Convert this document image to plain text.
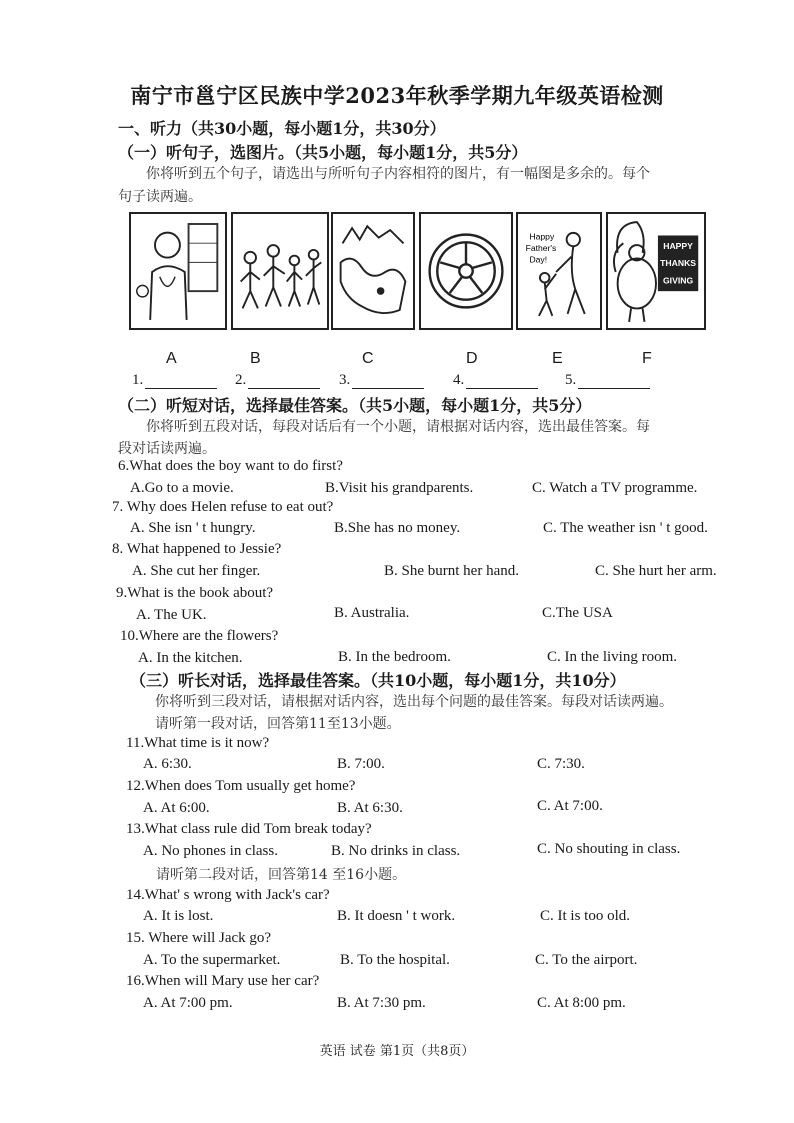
南宁市邕宁区民族中学2023年秋季学期九年级英语检测
一、听力（共30小题，每小题1分，共30分）
（一）听句子，选图片。（共5小题，每小题1分，共5分）
你将听到五个句子，请选出与所听句子内容相符的图片，有一幅图是多余的。每个
句子读两遍。
Happy
Father's
Day!
HAPPY
THANKS
GIVING
A	B	C	D	E	F
1.	2.	3.	4.	5.
（二）听短对话，选择最佳答案。（共5小题，每小题1分，共5分）
你将听到五段对话，每段对话后有一个小题，请根据对话内容，选出最佳答案。每
段对话读两遍。
6.What does the boy want to do first?
A.Go to a movie.	B.Visit his grandparents.	C. Watch a TV programme.
7. Why does Helen refuse to eat out?
A. She isn ' t hungry.	B.She has no money.	C. The weather isn ' t good.
8. What happened to Jessie?
A. She cut her finger.	B. She burnt her hand.	C. She hurt her arm.
9.What is the book about?
A. The UK.	B. Australia.	C.The USA
10.Where are the flowers?
A. In the kitchen.	B. In the bedroom.	C. In the living room.
（三）听长对话，选择最佳答案。（共10小题，每小题1分，共10分）
你将听到三段对话，请根据对话内容，选出每个问题的最佳答案。每段对话读两遍。
请听第一段对话，回答第11至13小题。
11.What time is it now?
A. 6:30.	B. 7:00.	C. 7:30.
12.When does Tom usually get home?
A. At 6:00.	B. At 6:30.	C. At 7:00.
13.What class rule did Tom break today?
A. No phones in class.	B. No drinks in class.	C. No shouting in class.
请听第二段对话，回答第14 至16小题。
14.What' s wrong with Jack's car?
A. It is lost.	B. It doesn ' t work.	C. It is too old.
15. Where will Jack go?
A. To the supermarket.	B. To the hospital.	C. To the airport.
16.When will Mary use her car?
A. At 7:00 pm.	B. At 7:30 pm.	C. At 8:00 pm.
英语 试卷 第1页（共8页）
